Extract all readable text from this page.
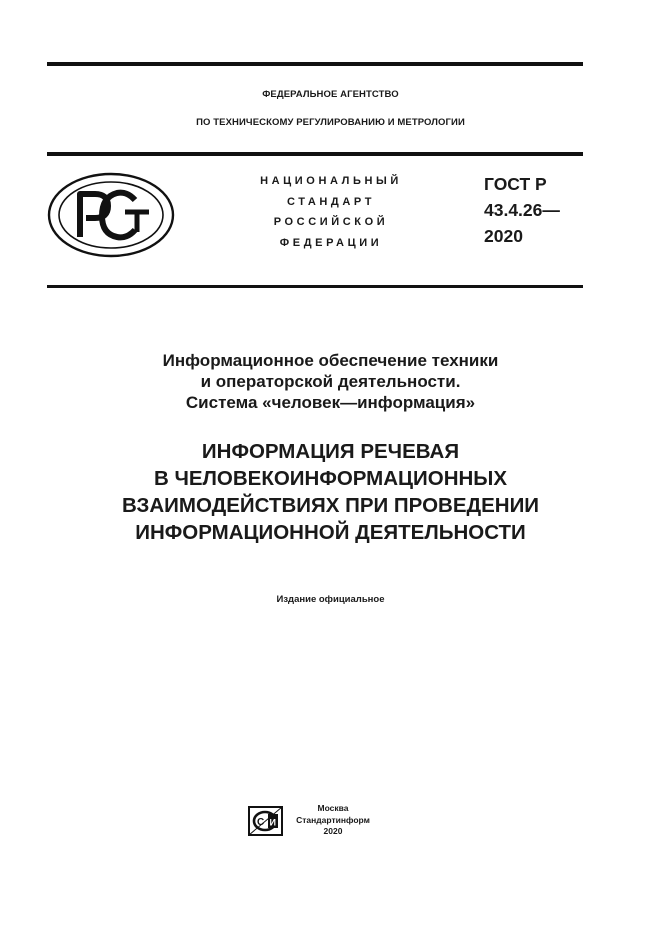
ФЕДЕРАЛЬНОЕ АГЕНТСТВО
ПО ТЕХНИЧЕСКОМУ РЕГУЛИРОВАНИЮ И МЕТРОЛОГИИ
НАЦИОНАЛЬНЫЙ
СТАНДАРТ
РОССИЙСКОЙ
ФЕДЕРАЦИИ
ГОСТ Р
43.4.26—
2020
Информационное обеспечение техники
и операторской деятельности.
Система «человек—информация»
ИНФОРМАЦИЯ РЕЧЕВАЯ
В ЧЕЛОВЕКОИНФОРМАЦИОННЫХ
ВЗАИМОДЕЙСТВИЯХ ПРИ ПРОВЕДЕНИИ
ИНФОРМАЦИОННОЙ ДЕЯТЕЛЬНОСТИ
Издание официальное
И
С
Москва
Стандартинформ
2020
